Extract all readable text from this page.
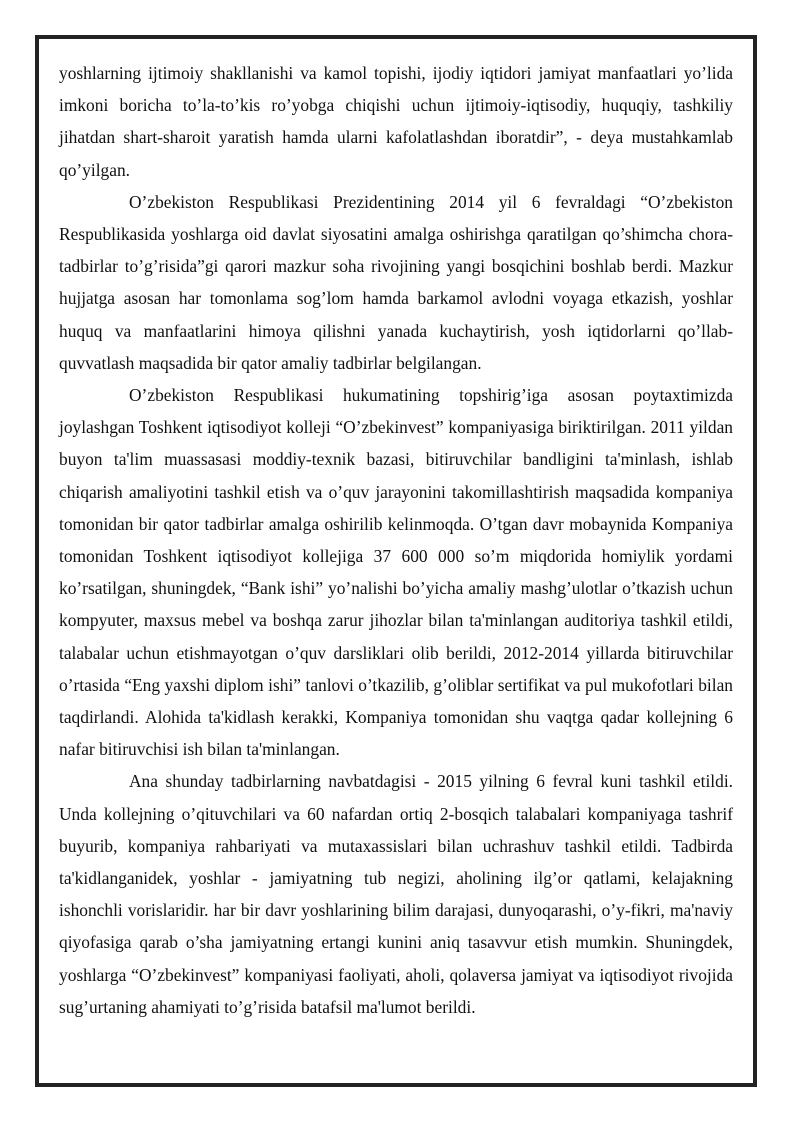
yoshlarning ijtimoiy shakllanishi va kamol topishi, ijodiy iqtidori jamiyat manfaatlari yo’lida imkoni boricha to’la-to’kis ro’yobga chiqishi uchun ijtimoiy-iqtisodiy, huquqiy, tashkiliy jihatdan shart-sharoit yaratish hamda ularni kafolatlashdan iboratdir”, - deya mustahkamlab qo’yilgan.

O’zbekiston Respublikasi Prezidentining 2014 yil 6 fevraldagi “O’zbekiston Respublikasida yoshlarga oid davlat siyosatini amalga oshirishga qaratilgan qo’shimcha chora-tadbirlar to’g’risida”gi qarori mazkur soha rivojining yangi bosqichini boshlab berdi. Mazkur hujjatga asosan har tomonlama sog’lom hamda barkamol avlodni voyaga etkazish, yoshlar huquq va manfaatlarini himoya qilishni yanada kuchaytirish, yosh iqtidorlarni qo’llab-quvvatlash maqsadida bir qator amaliy tadbirlar belgilangan.

O’zbekiston Respublikasi hukumatining topshirig’iga asosan poytaxtimizda joylashgan Toshkent iqtisodiyot kolleji “O’zbekinvest” kompaniyasiga biriktirilgan. 2011 yildan buyon ta'lim muassasasi moddiy-texnik bazasi, bitiruvchilar bandligini ta'minlash, ishlab chiqarish amaliyotini tashkil etish va o’quv jarayonini takomillashtirish maqsadida kompaniya tomonidan bir qator tadbirlar amalga oshirilib kelinmoqda. O’tgan davr mobaynida Kompaniya tomonidan Toshkent iqtisodiyot kollejiga 37 600 000 so’m miqdorida homiylik yordami ko’rsatilgan, shuningdek, “Bank ishi” yo’nalishi bo’yicha amaliy mashg’ulotlar o’tkazish uchun kompyuter, maxsus mebel va boshqa zarur jihozlar bilan ta'minlangan auditoriya tashkil etildi, talabalar uchun etishmayotgan o’quv darsliklari olib berildi, 2012-2014 yillarda bitiruvchilar o’rtasida “Eng yaxshi diplom ishi” tanlovi o’tkazilib, g’oliblar sertifikat va pul mukofotlari bilan taqdirlandi. Alohida ta'kidlash kerakki, Kompaniya tomonidan shu vaqtga qadar kollejning 6 nafar bitiruvchisi ish bilan ta'minlangan.

Ana shunday tadbirlarning navbatdagisi - 2015 yilning 6 fevral kuni tashkil etildi. Unda kollejning o’qituvchilari va 60 nafardan ortiq 2-bosqich talabalari kompaniyaga tashrif buyurib, kompaniya rahbariyati va mutaxassislari bilan uchrashuv tashkil etildi. Tadbirda ta'kidlanganidek, yoshlar - jamiyatning tub negizi, aholining ilg’or qatlami, kelajakning ishonchli vorislaridir. har bir davr yoshlarining bilim darajasi, dunyoqarashi, o’y-fikri, ma'naviy qiyofasiga qarab o’sha jamiyatning ertangi kunini aniq tasavvur etish mumkin. Shuningdek, yoshlarga “O’zbekinvest” kompaniyasi faoliyati, aholi, qolaversa jamiyat va iqtisodiyot rivojida sug’urtaning ahamiyati to’g’risida batafsil ma'lumot berildi.
